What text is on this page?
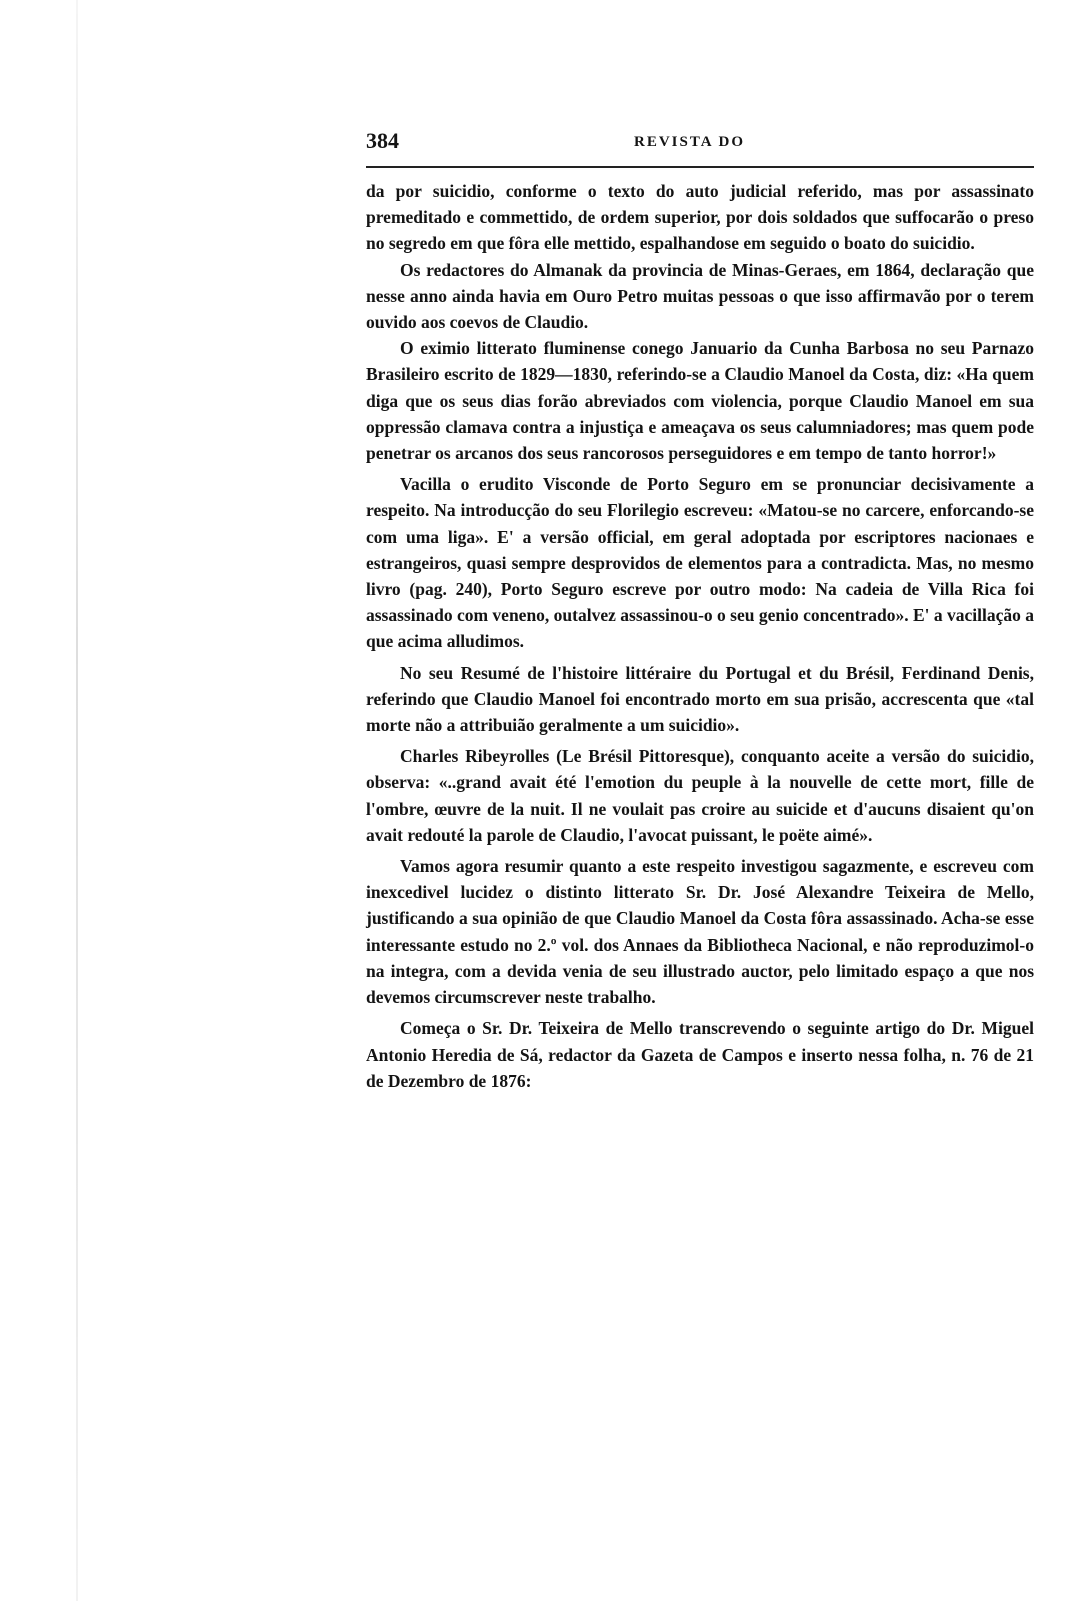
384	REVISTA DO

da por suicidio, conforme o texto do auto judicial referido, mas por assassinato premeditado e commettido, de ordem superior, por dois soldados que suffocarão o preso no segredo em que fôra elle mettido, espalhandose em seguido o boato do suicidio.

Os redactores do Almanak da provincia de Minas-Geraes, em 1864, declaração que nesse anno ainda havia em Ouro Petro muitas pessoas o que isso affirmavão por o terem ouvido aos coevos de Claudio.

O eximio litterato fluminense conego Januario da Cunha Barbosa no seu Parnazo Brasileiro escrito de 1829—1830, referindo-se a Claudio Manoel da Costa, diz: «Ha quem diga que os seus dias forão abreviados com violencia, porque Claudio Manoel em sua oppressão clamava contra a injustiça e ameaçava os seus calumniadores; mas quem pode penetrar os arcanos dos seus rancorosos perseguidores e em tempo de tanto horror!»

Vacilla o erudito Visconde de Porto Seguro em se pronunciar decisivamente a respeito. Na introducção do seu Florilegio escreveu: «Matou-se no carcere, enforcando-se com uma liga». E' a versão official, em geral adoptada por escriptores nacionaes e estrangeiros, quasi sempre desprovidos de elementos para a contradicta. Mas, no mesmo livro (pag. 240), Porto Seguro escreve por outro modo: Na cadeia de Villa Rica foi assassinado com veneno, outalvez assassinou-o o seu genio concentrado». E' a vacillação a que acima alludimos.

No seu Resumé de l'histoire littéraire du Portugal et du Brésil, Ferdinand Denis, referindo que Claudio Manoel foi encontrado morto em sua prisão, accrescenta que «tal morte não a attribuião geralmente a um suicidio».

Charles Ribeyrolles (Le Brésil Pittoresque), conquanto aceite a versão do suicidio, observa: «..grand avait été l'emotion du peuple à la nouvelle de cette mort, fille de l'ombre, œuvre de la nuit. Il ne voulait pas croire au suicide et d'aucuns disaient qu'on avait redouté la parole de Claudio, l'avocat puissant, le poëte aimé».

Vamos agora resumir quanto a este respeito investigou sagazmente, e escreveu com inexcedivel lucidez o distinto litterato Sr. Dr. José Alexandre Teixeira de Mello, justificando a sua opinião de que Claudio Manoel da Costa fôra assassinado. Acha-se esse interessante estudo no 2.º vol. dos Annaes da Bibliotheca Nacional, e não reproduzimol-o na integra, com a devida venia de seu illustrado auctor, pelo limitado espaço a que nos devemos circumscrever neste trabalho.

Começa o Sr. Dr. Teixeira de Mello transcrevendo o seguinte artigo do Dr. Miguel Antonio Heredia de Sá, redactor da Gazeta de Campos e inserto nessa folha, n. 76 de 21 de Dezembro de 1876:
